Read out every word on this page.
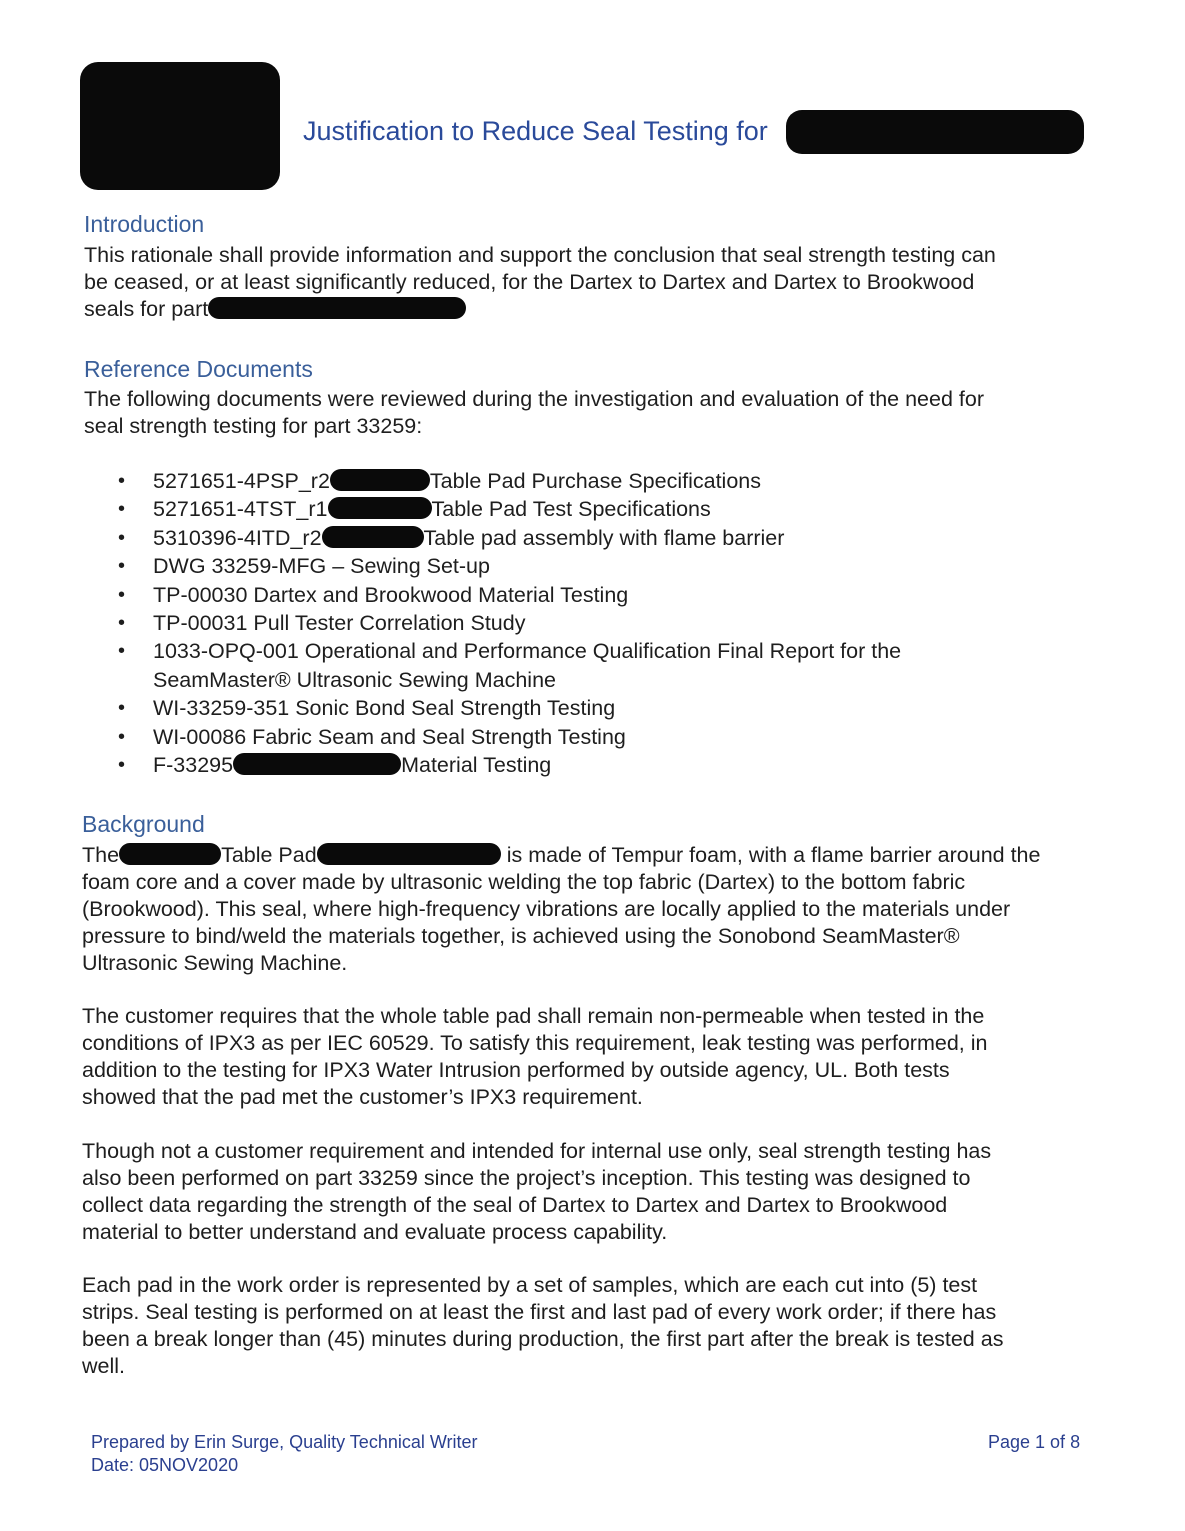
Justification to Reduce Seal Testing for
Introduction
This rationale shall provide information and support the conclusion that seal strength testing can
be ceased, or at least significantly reduced, for the Dartex to Dartex and Dartex to Brookwood
seals for part
Reference Documents
The following documents were reviewed during the investigation and evaluation of the need for
seal strength testing for part 33259:
• 5271651-4PSP_r2	Table Pad Purchase Specifications
• 5271651-4TST_r1	Table Pad Test Specifications
• 5310396-4ITD_r2	Table pad assembly with flame barrier
• DWG 33259-MFG – Sewing Set-up
• TP-00030 Dartex and Brookwood Material Testing
• TP-00031 Pull Tester Correlation Study
• 1033-OPQ-001 Operational and Performance Qualification Final Report for the
SeamMaster® Ultrasonic Sewing Machine
• WI-33259-351 Sonic Bond Seal Strength Testing
• WI-00086 Fabric Seam and Seal Strength Testing
• F-33295	Material Testing
Background
The	Table Pad	is made of Tempur foam, with a flame barrier around the
foam core and a cover made by ultrasonic welding the top fabric (Dartex) to the bottom fabric
(Brookwood). This seal, where high-frequency vibrations are locally applied to the materials under
pressure to bind/weld the materials together, is achieved using the Sonobond SeamMaster®
Ultrasonic Sewing Machine.
The customer requires that the whole table pad shall remain non-permeable when tested in the
conditions of IPX3 as per IEC 60529. To satisfy this requirement, leak testing was performed, in
addition to the testing for IPX3 Water Intrusion performed by outside agency, UL. Both tests
showed that the pad met the customer’s IPX3 requirement.
Though not a customer requirement and intended for internal use only, seal strength testing has
also been performed on part 33259 since the project’s inception. This testing was designed to
collect data regarding the strength of the seal of Dartex to Dartex and Dartex to Brookwood
material to better understand and evaluate process capability.
Each pad in the work order is represented by a set of samples, which are each cut into (5) test
strips. Seal testing is performed on at least the first and last pad of every work order; if there has
been a break longer than (45) minutes during production, the first part after the break is tested as
well.
Prepared by Erin Surge, Quality Technical Writer
Date: 05NOV2020
Page 1 of 8
